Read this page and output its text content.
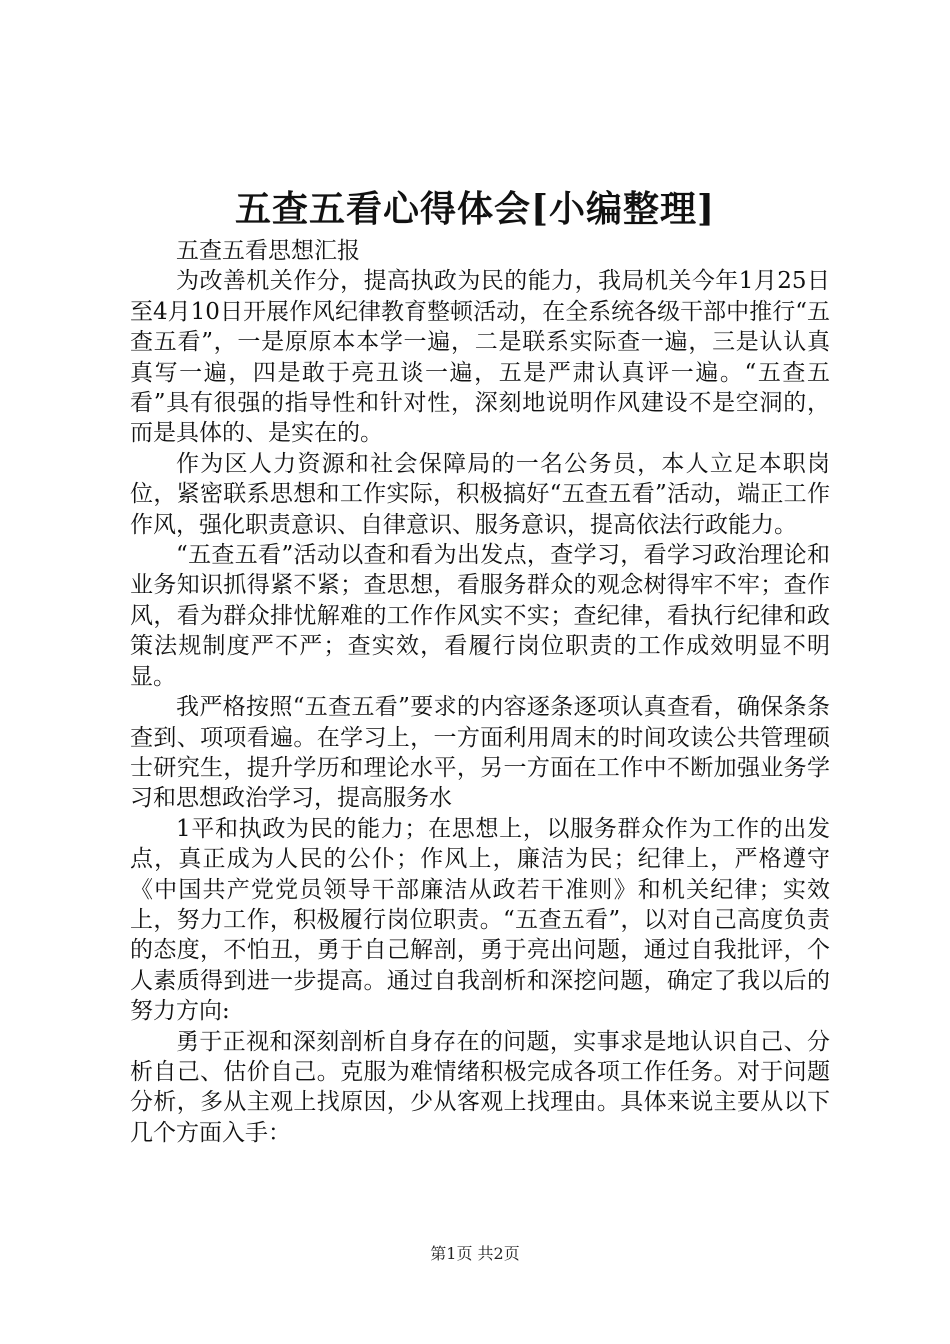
五查五看心得体会[小编整理]

五查五看思想汇报

为改善机关作分，提高执政为民的能力，我局机关今年1月25日至4月10日开展作风纪律教育整顿活动，在全系统各级干部中推行“五查五看”，一是原原本本学一遍，二是联系实际查一遍，三是认认真真写一遍，四是敢于亮丑谈一遍，五是严肃认真评一遍。“五查五看”具有很强的指导性和针对性，深刻地说明作风建设不是空洞的，而是具体的、是实在的。

作为区人力资源和社会保障局的一名公务员，本人立足本职岗位，紧密联系思想和工作实际，积极搞好“五查五看”活动，端正工作作风，强化职责意识、自律意识、服务意识，提高依法行政能力。

“五查五看”活动以查和看为出发点，查学习，看学习政治理论和业务知识抓得紧不紧；查思想，看服务群众的观念树得牢不牢；查作风，看为群众排忧解难的工作作风实不实；查纪律，看执行纪律和政策法规制度严不严；查实效，看履行岗位职责的工作成效明显不明显。

我严格按照“五查五看”要求的内容逐条逐项认真查看，确保条条查到、项项看遍。在学习上，一方面利用周末的时间攻读公共管理硕士研究生，提升学历和理论水平，另一方面在工作中不断加强业务学习和思想政治学习，提高服务水

1平和执政为民的能力；在思想上，以服务群众作为工作的出发点，真正成为人民的公仆；作风上，廉洁为民；纪律上，严格遵守《中国共产党党员领导干部廉洁从政若干准则》和机关纪律；实效上，努力工作，积极履行岗位职责。“五查五看”，以对自己高度负责的态度，不怕丑，勇于自己解剖，勇于亮出问题，通过自我批评，个人素质得到进一步提高。通过自我剖析和深挖问题，确定了我以后的努力方向:

勇于正视和深刻剖析自身存在的问题，实事求是地认识自己、分析自己、估价自己。克服为难情绪积极完成各项工作任务。对于问题分析，多从主观上找原因，少从客观上找理由。具体来说主要从以下几个方面入手：

第1页 共2页
